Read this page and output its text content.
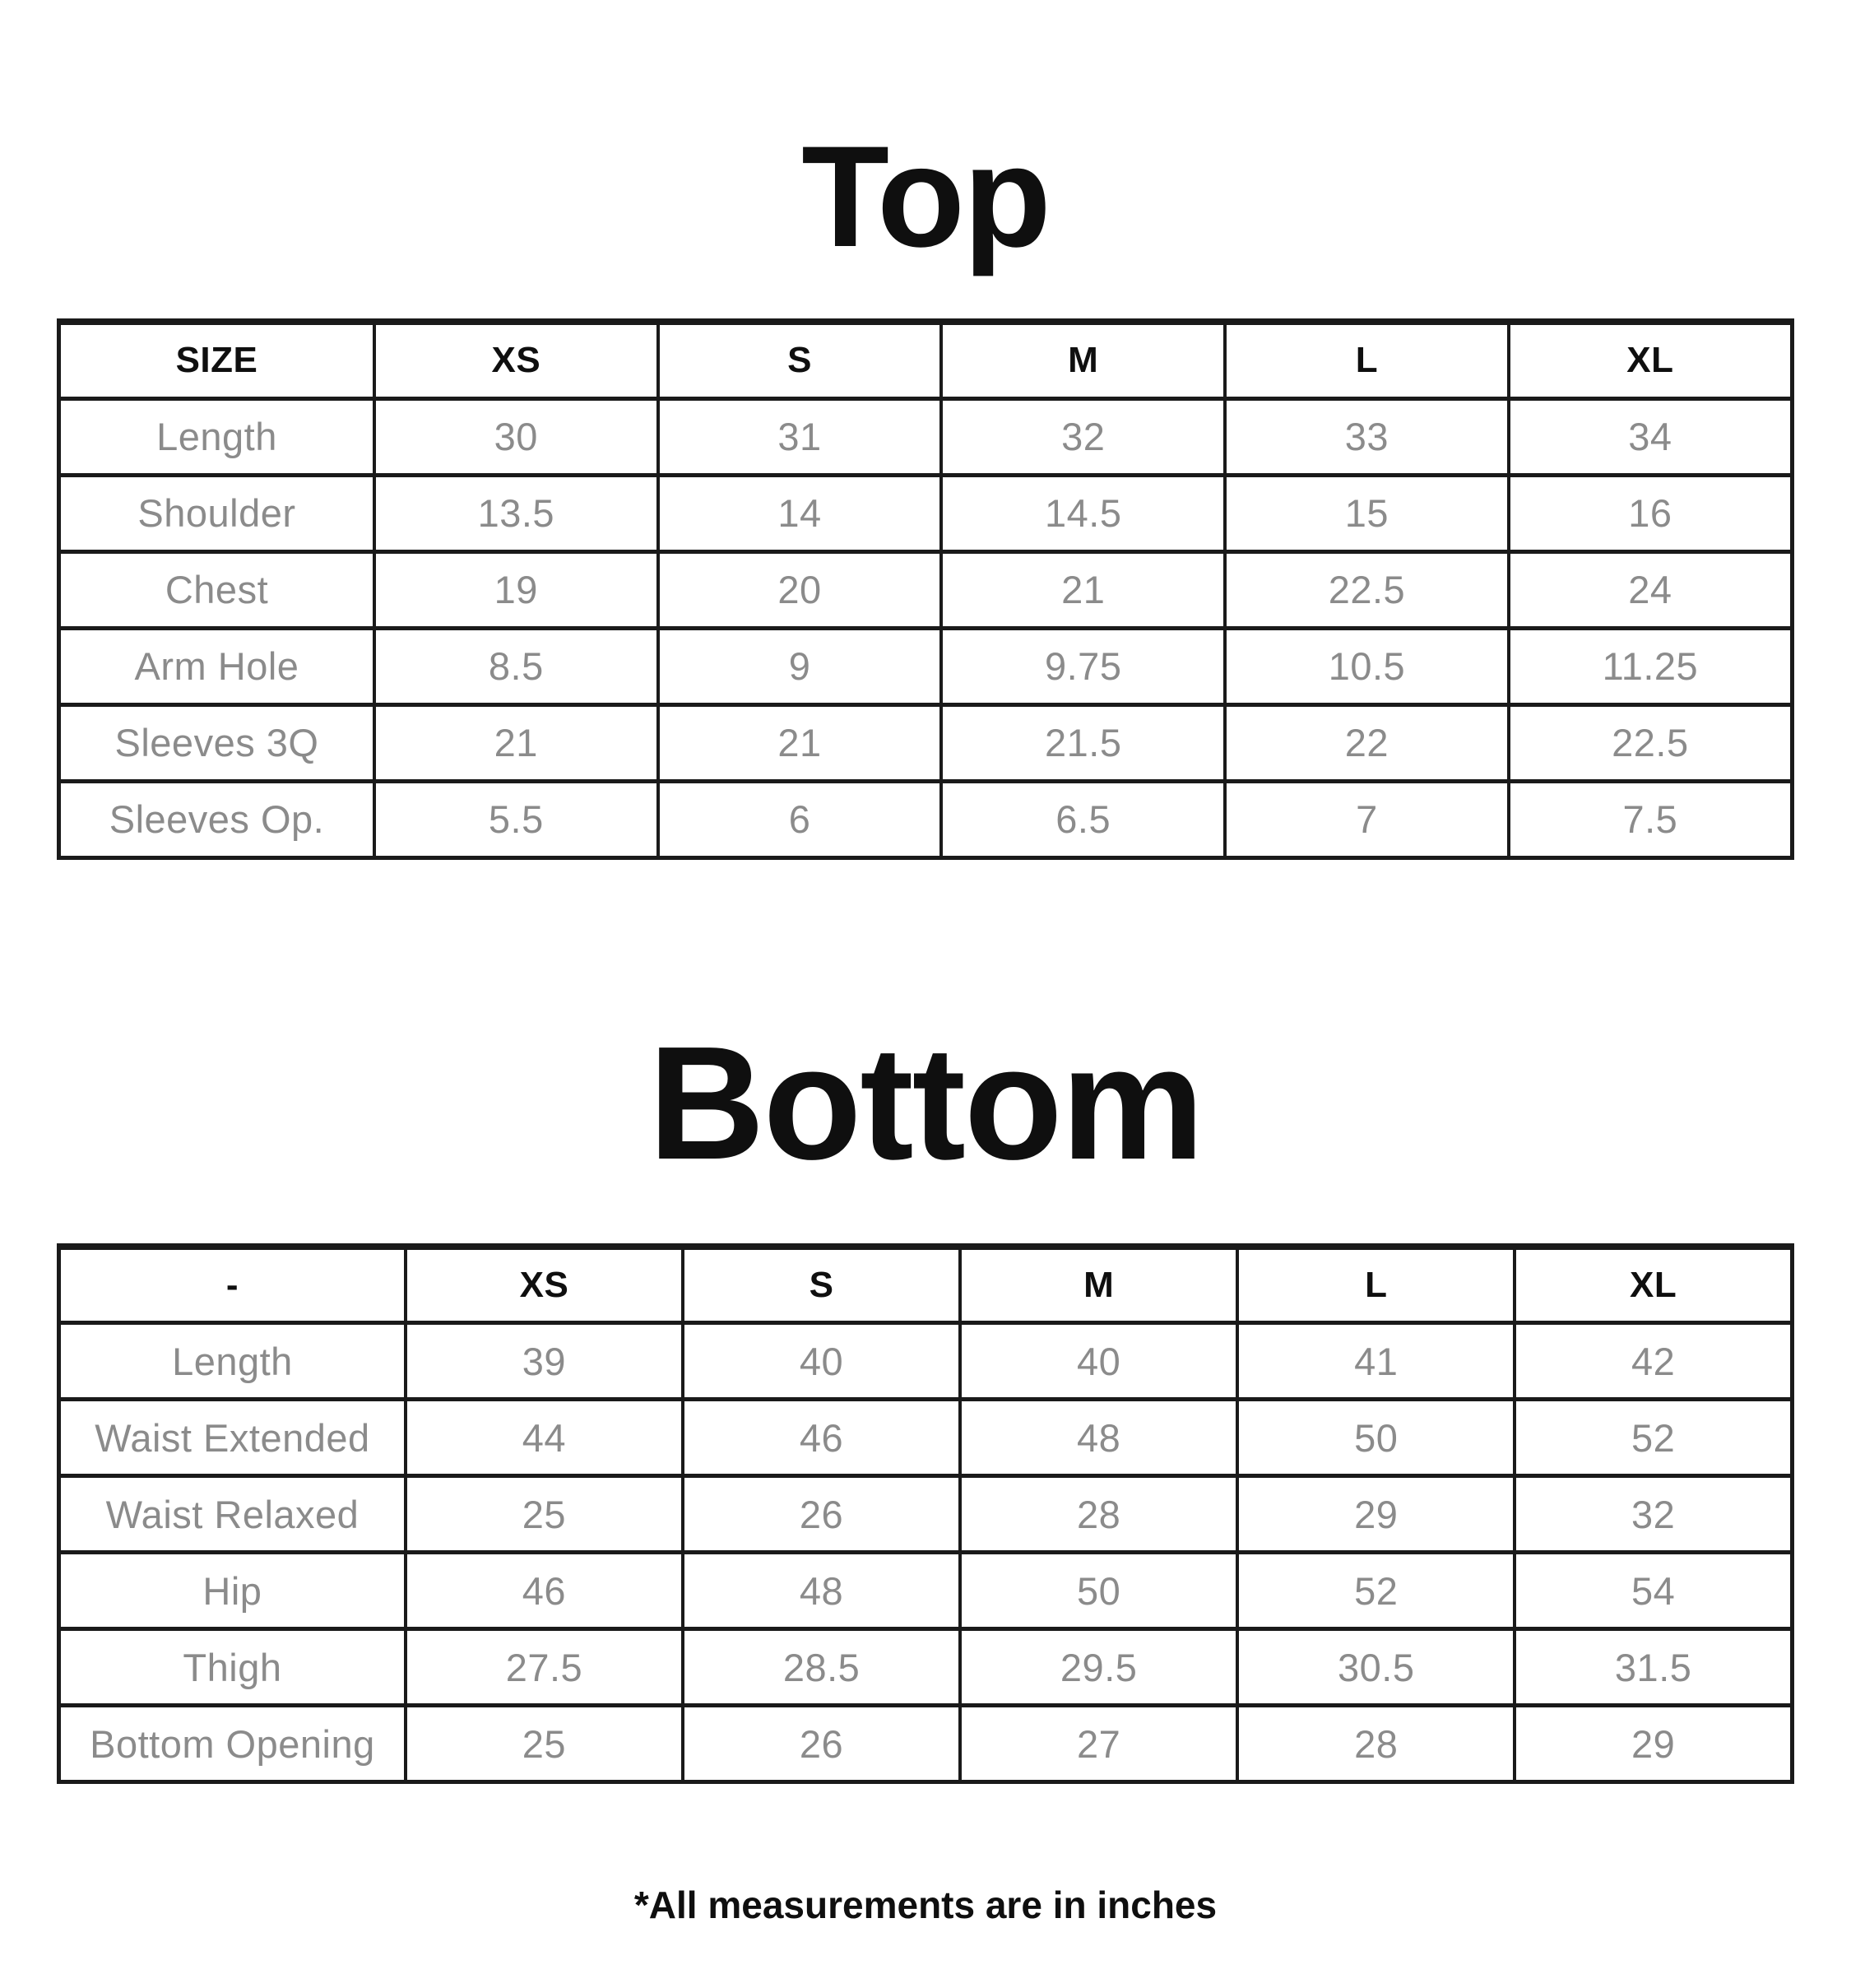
Top
SIZE	XS	S	M	L	XL
Length	30	31	32	33	34
Shoulder	13.5	14	14.5	15	16
Chest	19	20	21	22.5	24
Arm Hole	8.5	9	9.75	10.5	11.25
Sleeves 3Q	21	21	21.5	22	22.5
Sleeves Op.	5.5	6	6.5	7	7.5
Bottom
-	XS	S	M	L	XL
Length	39	40	40	41	42
Waist Extended	44	46	48	50	52
Waist Relaxed	25	26	28	29	32
Hip	46	48	50	52	54
Thigh	27.5	28.5	29.5	30.5	31.5
Bottom Opening	25	26	27	28	29
*All measurements are in inches
